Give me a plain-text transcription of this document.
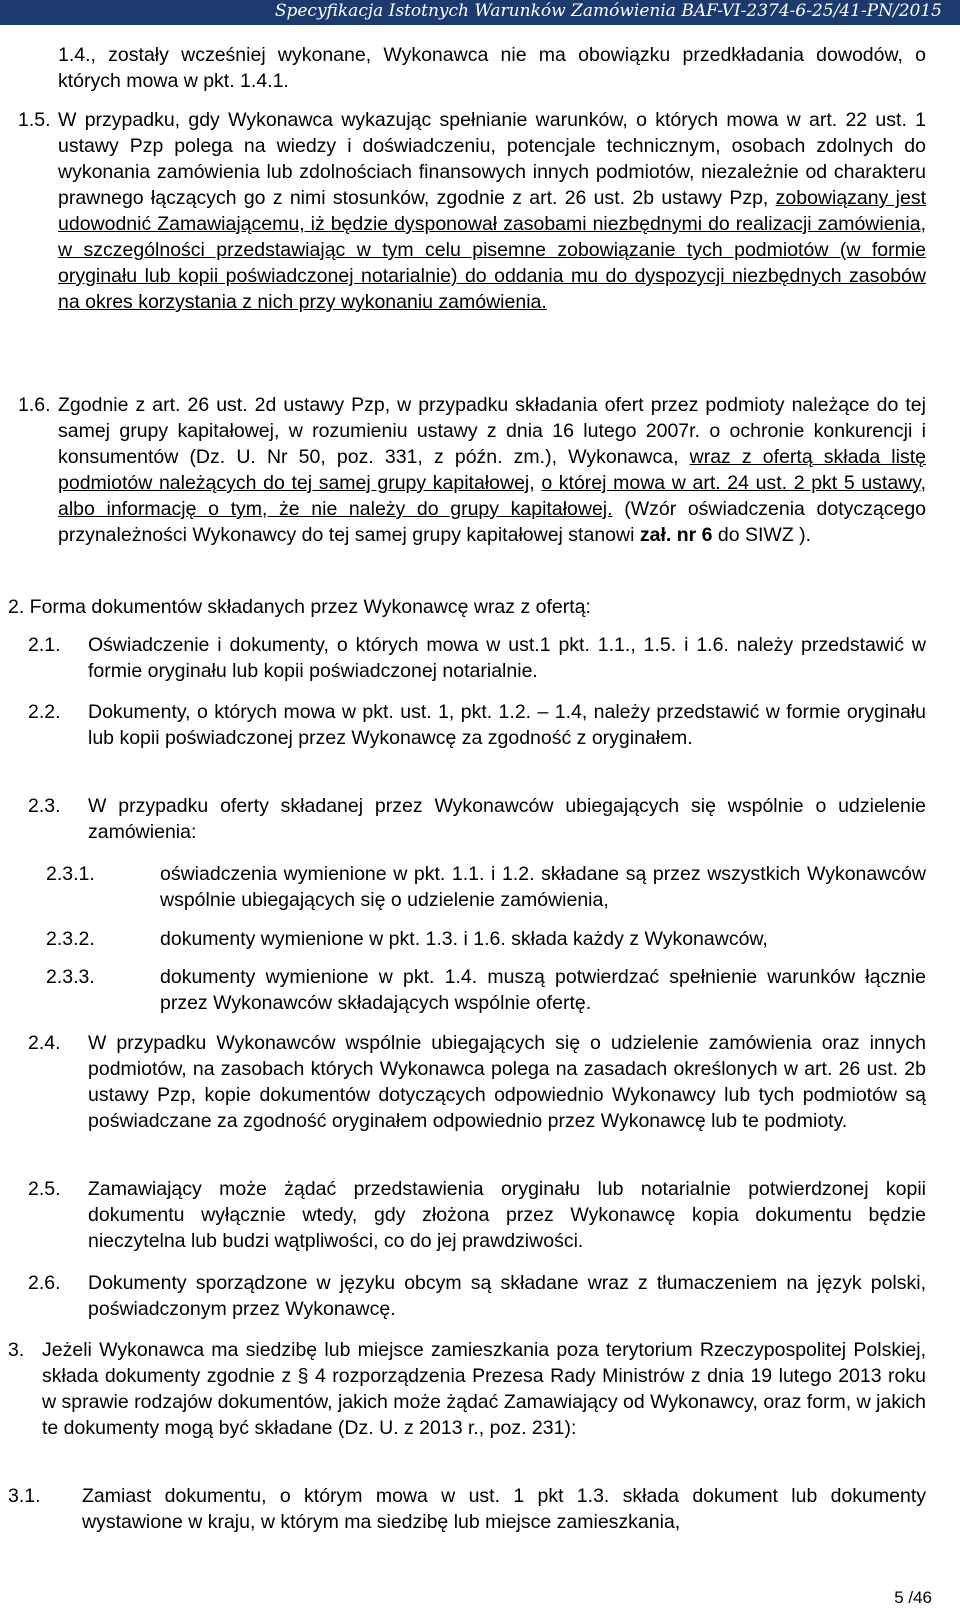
Specyfikacja Istotnych Warunków Zamówienia BAF-VI-2374-6-25/41-PN/2015

1.4., zostały wcześniej wykonane, Wykonawca nie ma obowiązku przedkładania dowodów, o których mowa w pkt. 1.4.1.

1.5. W przypadku, gdy Wykonawca wykazując spełnianie warunków, o których mowa w art. 22 ust. 1 ustawy Pzp polega na wiedzy i doświadczeniu, potencjale technicznym, osobach zdolnych do wykonania zamówienia lub zdolnościach finansowych innych podmiotów, niezależnie od charakteru prawnego łączących go z nimi stosunków, zgodnie z art. 26 ust. 2b ustawy Pzp, zobowiązany jest udowodnić Zamawiającemu, iż będzie dysponował zasobami niezbędnymi do realizacji zamówienia, w szczególności przedstawiając w tym celu pisemne zobowiązanie tych podmiotów (w formie oryginału lub kopii poświadczonej notarialnie) do oddania mu do dyspozycji niezbędnych zasobów na okres korzystania z nich przy wykonaniu zamówienia.

1.6. Zgodnie z art. 26 ust. 2d ustawy Pzp, w przypadku składania ofert przez podmioty należące do tej samej grupy kapitałowej, w rozumieniu ustawy z dnia 16 lutego 2007r. o ochronie konkurencji i konsumentów (Dz. U. Nr 50, poz. 331, z późn. zm.), Wykonawca, wraz z ofertą składa listę podmiotów należących do tej samej grupy kapitałowej, o której mowa w art. 24 ust. 2 pkt 5 ustawy, albo informację o tym, że nie należy do grupy kapitałowej. (Wzór oświadczenia dotyczącego przynależności Wykonawcy do tej samej grupy kapitałowej stanowi zał. nr 6 do SIWZ ).

2. Forma dokumentów składanych przez Wykonawcę wraz z ofertą:

2.1. Oświadczenie i dokumenty, o których mowa w ust.1 pkt. 1.1., 1.5. i 1.6. należy przedstawić w formie oryginału lub kopii poświadczonej notarialnie.

2.2. Dokumenty, o których mowa w pkt. ust. 1, pkt. 1.2. – 1.4, należy przedstawić w formie oryginału lub kopii poświadczonej przez Wykonawcę za zgodność z oryginałem.

2.3. W przypadku oferty składanej przez Wykonawców ubiegających się wspólnie o udzielenie zamówienia:

2.3.1.	oświadczenia wymienione w pkt. 1.1. i 1.2. składane są przez wszystkich Wykonawców wspólnie ubiegających się o udzielenie zamówienia,

2.3.2.	dokumenty wymienione w pkt. 1.3. i 1.6. składa każdy z Wykonawców,

2.3.3.	dokumenty wymienione w pkt. 1.4. muszą potwierdzać spełnienie warunków łącznie przez Wykonawców składających wspólnie ofertę.

2.4. W przypadku Wykonawców wspólnie ubiegających się o udzielenie zamówienia oraz innych podmiotów, na zasobach których Wykonawca polega na zasadach określonych w art. 26 ust. 2b ustawy Pzp, kopie dokumentów dotyczących odpowiednio Wykonawcy lub tych podmiotów są poświadczane za zgodność oryginałem odpowiednio przez Wykonawcę lub te podmioty.

2.5. Zamawiający może żądać przedstawienia oryginału lub notarialnie potwierdzonej kopii dokumentu wyłącznie wtedy, gdy złożona przez Wykonawcę kopia dokumentu będzie nieczytelna lub budzi wątpliwości, co do jej prawdziwości.

2.6. Dokumenty sporządzone w języku obcym są składane wraz z tłumaczeniem na język polski, poświadczonym przez Wykonawcę.

3. Jeżeli Wykonawca ma siedzibę lub miejsce zamieszkania poza terytorium Rzeczypospolitej Polskiej, składa dokumenty zgodnie z § 4 rozporządzenia Prezesa Rady Ministrów z dnia 19 lutego 2013 roku w sprawie rodzajów dokumentów, jakich może żądać Zamawiający od Wykonawcy, oraz form, w jakich te dokumenty mogą być składane (Dz. U. z 2013 r., poz. 231):

3.1. Zamiast dokumentu, o którym mowa w ust. 1 pkt 1.3. składa dokument lub dokumenty wystawione w kraju, w którym ma siedzibę lub miejsce zamieszkania,

5 /46
